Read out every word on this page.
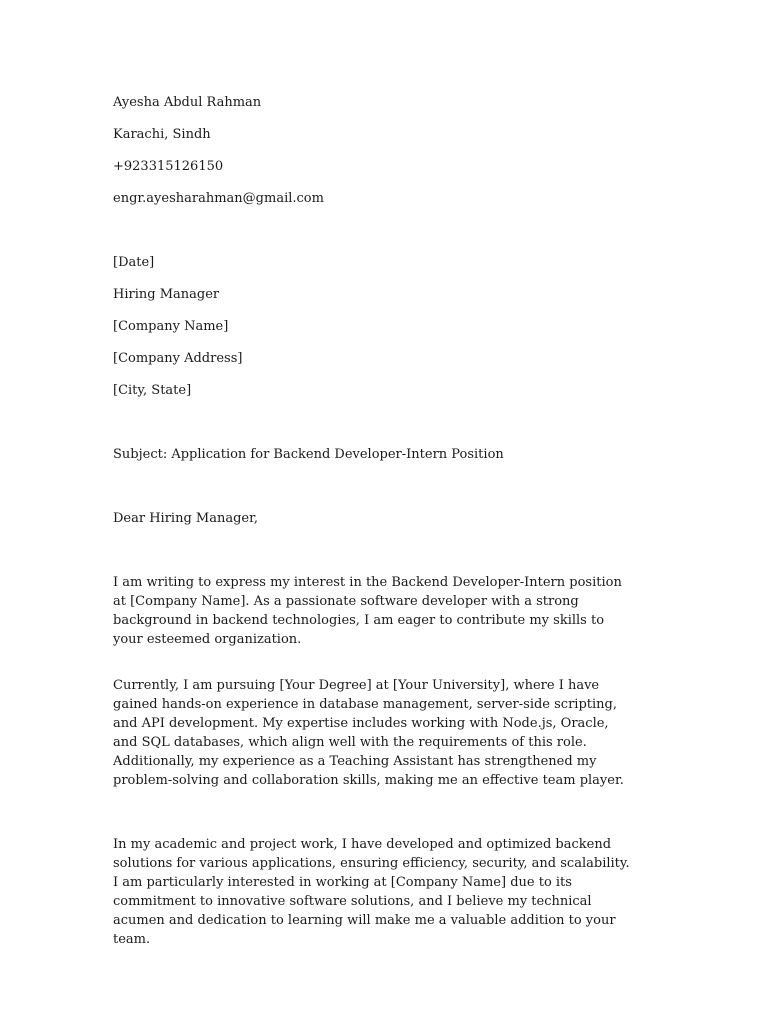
Ayesha Abdul Rahman

Karachi, Sindh

+923315126150

engr.ayesharahman@gmail.com

[Date]

Hiring Manager

[Company Name]

[Company Address]

[City, State]

Subject: Application for Backend Developer-Intern Position

Dear Hiring Manager,

I am writing to express my interest in the Backend Developer-Intern position at [Company Name]. As a passionate software developer with a strong background in backend technologies, I am eager to contribute my skills to your esteemed organization.

Currently, I am pursuing [Your Degree] at [Your University], where I have gained hands-on experience in database management, server-side scripting, and API development. My expertise includes working with Node.js, Oracle, and SQL databases, which align well with the requirements of this role. Additionally, my experience as a Teaching Assistant has strengthened my problem-solving and collaboration skills, making me an effective team player.

In my academic and project work, I have developed and optimized backend solutions for various applications, ensuring efficiency, security, and scalability. I am particularly interested in working at [Company Name] due to its commitment to innovative software solutions, and I believe my technical acumen and dedication to learning will make me a valuable addition to your team.
